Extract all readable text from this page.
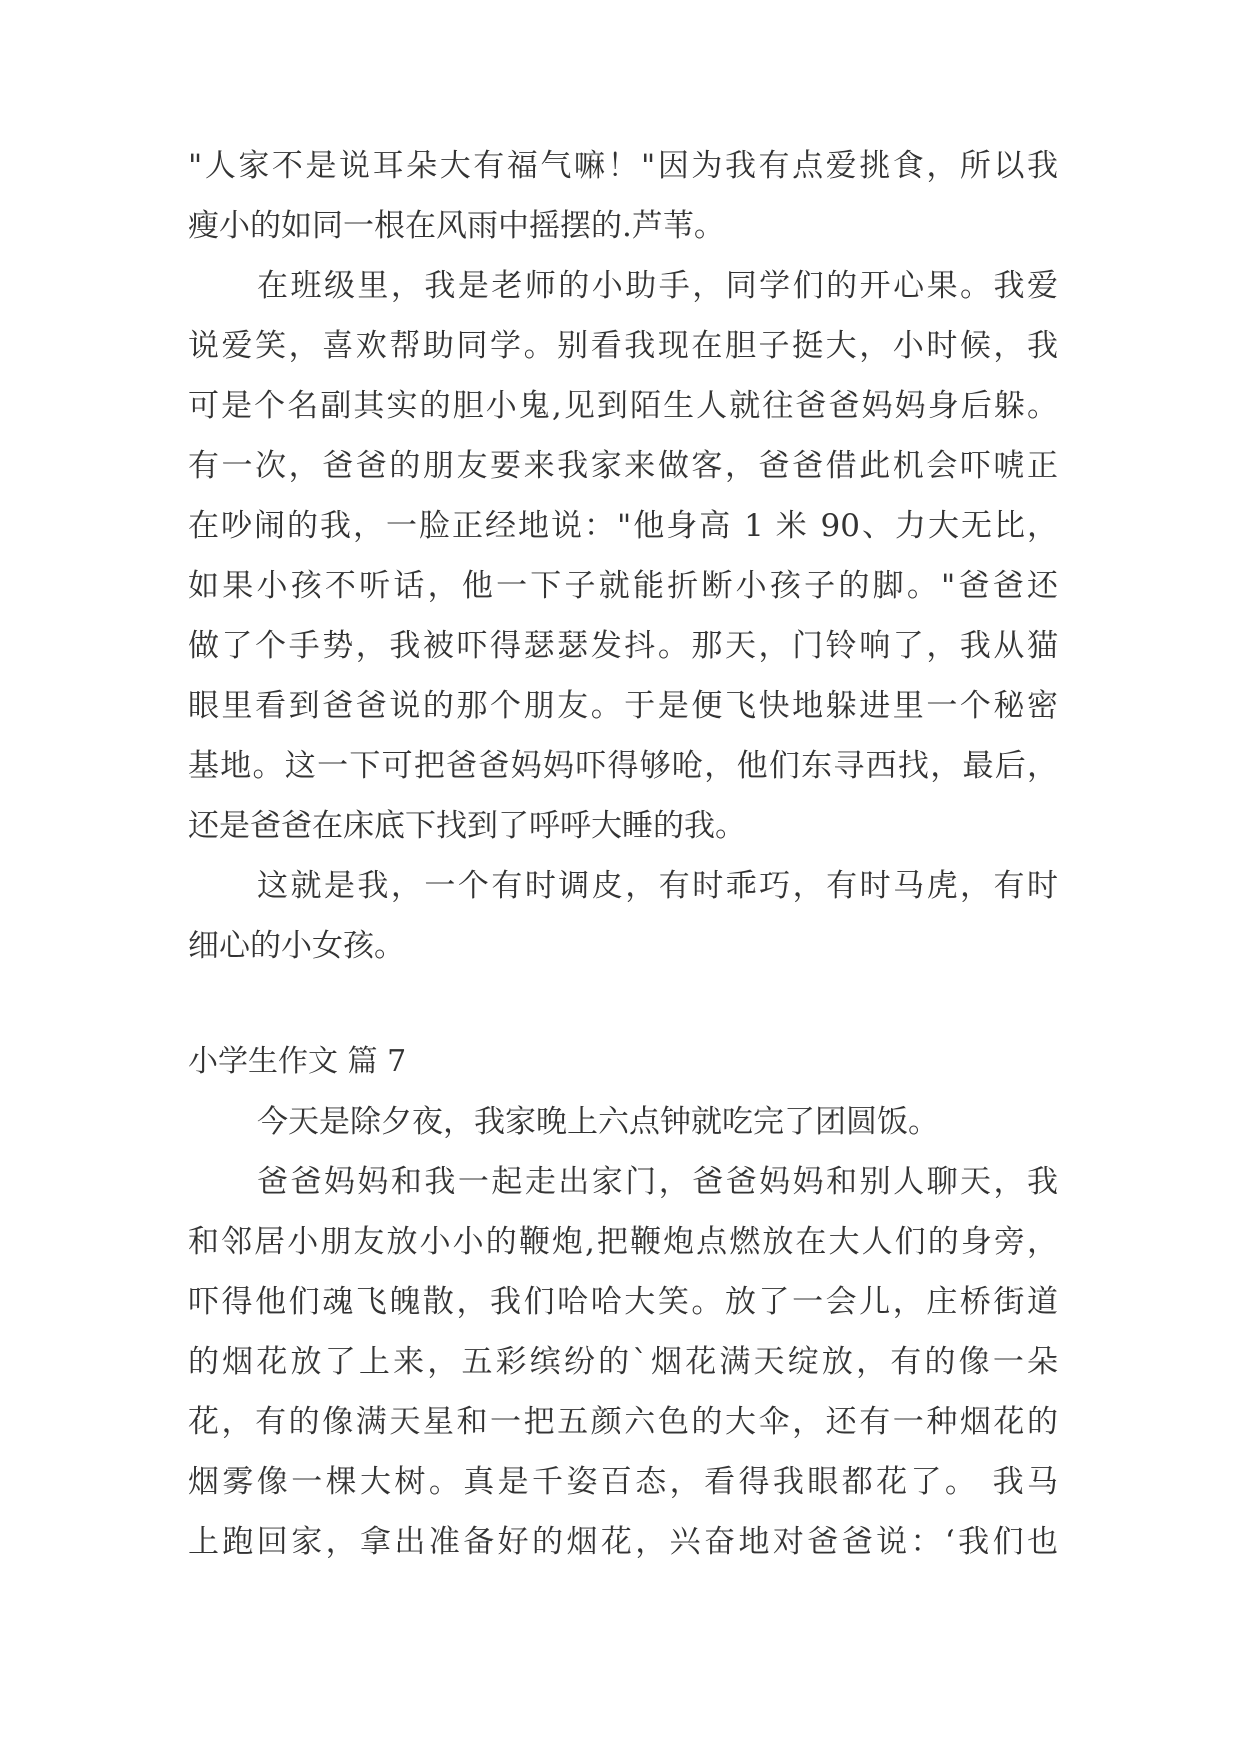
"人家不是说耳朵大有福气嘛！"因为我有点爱挑食，所以我
瘦小的如同一根在风雨中摇摆的.芦苇。
在班级里，我是老师的小助手，同学们的开心果。我爱
说爱笑，喜欢帮助同学。别看我现在胆子挺大，小时候，我
可是个名副其实的胆小鬼,见到陌生人就往爸爸妈妈身后躲。
有一次，爸爸的朋友要来我家来做客，爸爸借此机会吓唬正
在吵闹的我，一脸正经地说："他身高 1 米 90、力大无比，
如果小孩不听话，他一下子就能折断小孩子的脚。"爸爸还
做了个手势，我被吓得瑟瑟发抖。那天，门铃响了，我从猫
眼里看到爸爸说的那个朋友。于是便飞快地躲进里一个秘密
基地。这一下可把爸爸妈妈吓得够呛，他们东寻西找，最后，
还是爸爸在床底下找到了呼呼大睡的我。
这就是我，一个有时调皮，有时乖巧，有时马虎，有时
细心的小女孩。
小学生作文 篇 7
今天是除夕夜，我家晚上六点钟就吃完了团圆饭。
爸爸妈妈和我一起走出家门，爸爸妈妈和别人聊天，我
和邻居小朋友放小小的鞭炮,把鞭炮点燃放在大人们的身旁，
吓得他们魂飞魄散，我们哈哈大笑。放了一会儿，庄桥街道
的烟花放了上来，五彩缤纷的`烟花满天绽放，有的像一朵
花，有的像满天星和一把五颜六色的大伞，还有一种烟花的
烟雾像一棵大树。真是千姿百态，看得我眼都花了。 我马
上跑回家，拿出准备好的烟花，兴奋地对爸爸说：‘我们也
